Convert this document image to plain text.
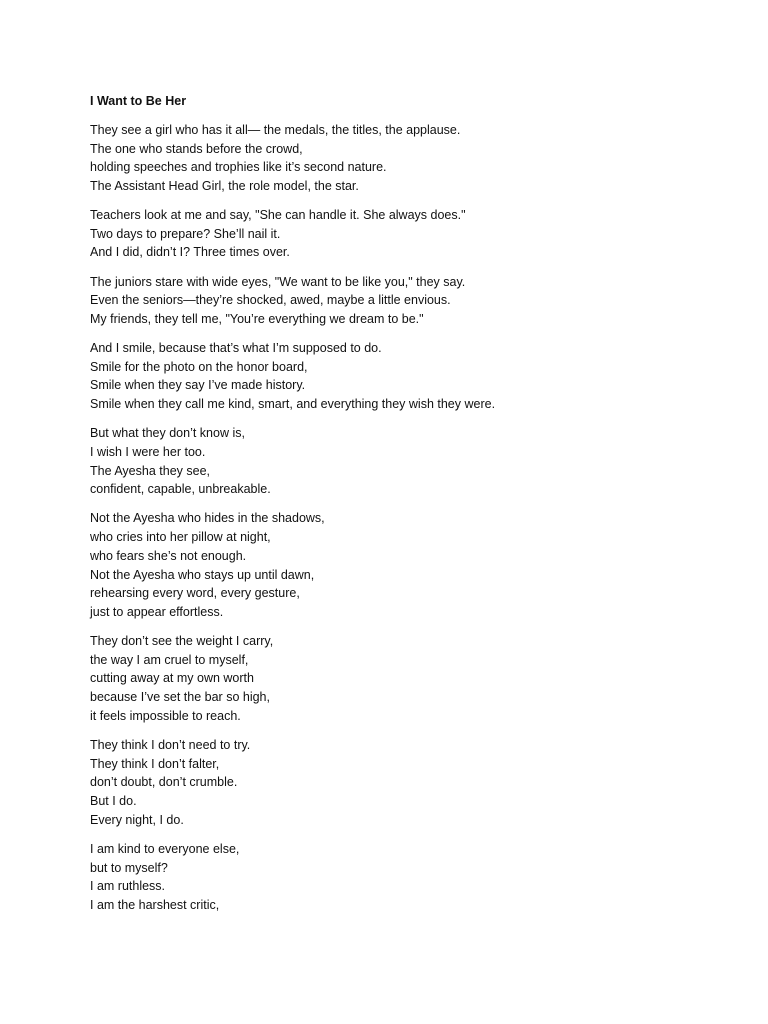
I Want to Be Her
They see a girl who has it all— the medals, the titles, the applause.
The one who stands before the crowd,
holding speeches and trophies like it’s second nature.
The Assistant Head Girl, the role model, the star.
Teachers look at me and say, "She can handle it. She always does."
Two days to prepare? She’ll nail it.
And I did, didn’t I? Three times over.
The juniors stare with wide eyes, "We want to be like you," they say.
Even the seniors—they’re shocked, awed, maybe a little envious.
My friends, they tell me, "You’re everything we dream to be."
And I smile, because that’s what I’m supposed to do.
Smile for the photo on the honor board,
Smile when they say I’ve made history.
Smile when they call me kind, smart, and everything they wish they were.
But what they don’t know is,
I wish I were her too.
The Ayesha they see,
confident, capable, unbreakable.
Not the Ayesha who hides in the shadows,
who cries into her pillow at night,
who fears she’s not enough.
Not the Ayesha who stays up until dawn,
rehearsing every word, every gesture,
just to appear effortless.
They don’t see the weight I carry,
the way I am cruel to myself,
cutting away at my own worth
because I’ve set the bar so high,
it feels impossible to reach.
They think I don’t need to try.
They think I don’t falter,
don’t doubt, don’t crumble.
But I do.
Every night, I do.
I am kind to everyone else,
but to myself?
I am ruthless.
I am the harshest critic,
